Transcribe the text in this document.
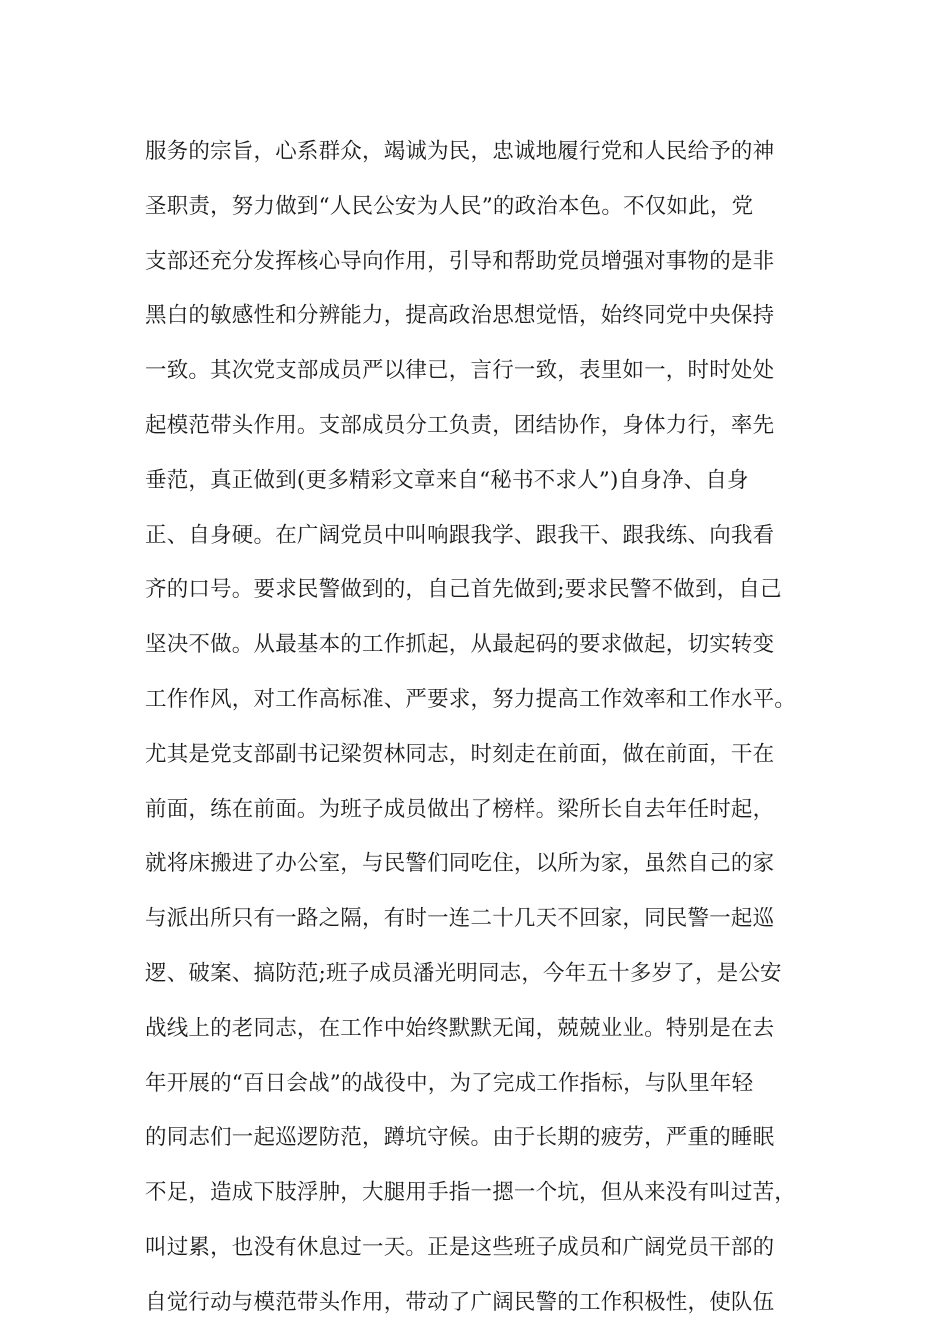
服务的宗旨，心系群众，竭诚为民，忠诚地履行党和人民给予的神
圣职责，努力做到“人民公安为人民”的政治本色。不仅如此，党
支部还充分发挥核心导向作用，引导和帮助党员增强对事物的是非
黑白的敏感性和分辨能力，提高政治思想觉悟，始终同党中央保持
一致。其次党支部成员严以律已，言行一致，表里如一，时时处处
起模范带头作用。支部成员分工负责，团结协作，身体力行，率先
垂范，真正做到(更多精彩文章来自“秘书不求人”)自身净、自身
正、自身硬。在广阔党员中叫响跟我学、跟我干、跟我练、向我看
齐的口号。要求民警做到的，自己首先做到;要求民警不做到，自己
坚决不做。从最基本的工作抓起，从最起码的要求做起，切实转变
工作作风，对工作高标准、严要求，努力提高工作效率和工作水平。
尤其是党支部副书记梁贺林同志，时刻走在前面，做在前面，干在
前面，练在前面。为班子成员做出了榜样。梁所长自去年任时起，
就将床搬进了办公室，与民警们同吃住，以所为家，虽然自己的家
与派出所只有一路之隔，有时一连二十几天不回家，同民警一起巡
逻、破案、搞防范;班子成员潘光明同志，今年五十多岁了，是公安
战线上的老同志，在工作中始终默默无闻，兢兢业业。特别是在去
年开展的“百日会战”的战役中，为了完成工作指标，与队里年轻
的同志们一起巡逻防范，蹲坑守候。由于长期的疲劳，严重的睡眠
不足，造成下肢浮肿，大腿用手指一摁一个坑，但从来没有叫过苦，
叫过累，也没有休息过一天。正是这些班子成员和广阔党员干部的
自觉行动与模范带头作用，带动了广阔民警的工作积极性，使队伍
